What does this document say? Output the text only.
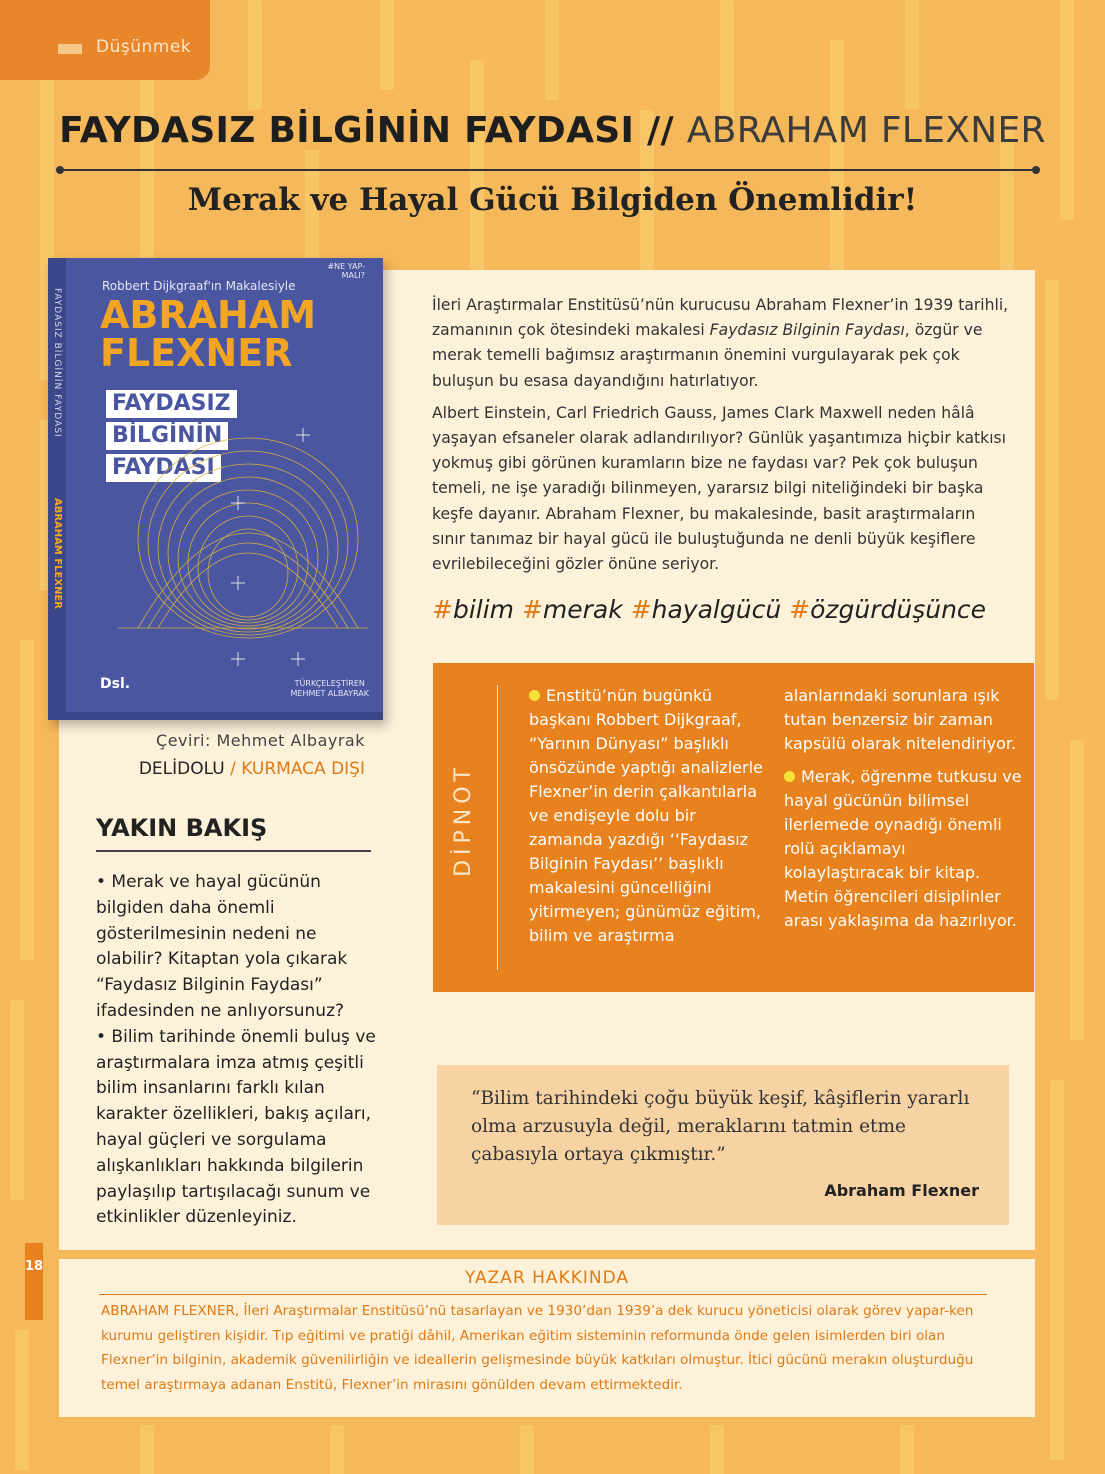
Düşünmek
FAYDASIZ BİLGİNİN FAYDASI // ABRAHAM FLEXNER
Merak ve Hayal Gücü Bilgiden Önemlidir!
FAYDASIZ BİLGİNİN FAYDASI
ABRAHAM FLEXNER
Robbert Dijkgraaf'ın Makalesiyle
#NE YAP- MALI?
ABRAHAM
FLEXNER
FAYDASIZ
BİLGİNİN
FAYDASI
Dsl.	TÜRKÇELEŞTİREN
MEHMET ALBAYRAK
Çeviri: Mehmet Albayrak
DELİDOLU / KURMACA DIŞI
YAKIN BAKIŞ

• Merak ve hayal gücünün bilgiden daha önemli gösterilmesinin nedeni ne olabilir? Kitaptan yola çıkarak “Faydasız Bilginin Faydası” ifadesinden ne anlıyorsunuz?

• Bilim tarihinde önemli buluş ve araştırmalara imza atmış çeşitli bilim insanlarını farklı kılan karakter özellikleri, bakış açıları, hayal güçleri ve sorgulama alışkanlıkları hakkında bilgilerin paylaşılıp tartışılacağı sunum ve etkinlikler düzenleyiniz.

İleri Araştırmalar Enstitüsü’nün kurucusu Abraham Flexner’in 1939 tarihli, zamanının çok ötesindeki makalesi Faydasız Bilginin Faydası, özgür ve merak temelli bağımsız araştırmanın önemini vurgulayarak pek çok buluşun bu esasa dayandığını hatırlatıyor.

Albert Einstein, Carl Friedrich Gauss, James Clark Maxwell neden hâlâ yaşayan efsaneler olarak adlandırılıyor? Günlük yaşantımıza hiçbir katkısı yokmuş gibi görünen kuramların bize ne faydası var? Pek çok buluşun temeli, ne işe yaradığı bilinmeyen, yararsız bilgi niteliğindeki bir başka keşfe dayanır. Abraham Flexner, bu makalesinde, basit araştırmaların sınır tanımaz bir hayal gücü ile buluştuğunda ne denli büyük keşiflere evrilebileceğini gözler önüne seriyor.

#bilim #merak #hayalgücü #özgürdüşünce
DİPNOT

Enstitü’nün bugünkü başkanı Robbert Dijkgraaf, “Yarının Dünyası” başlıklı önsözünde yaptığı analizlerle Flexner’in derin çalkantılarla ve endişeyle dolu bir zamanda yazdığı ‘‘Faydasız Bilginin Faydası’’ başlıklı makalesini güncelliğini yitirmeyen; günümüz eğitim, bilim ve araştırma

alanlarındaki sorunlara ışık tutan benzersiz bir zaman kapsülü olarak nitelendiriyor.

Merak, öğrenme tutkusu ve hayal gücünün bilimsel ilerlemede oynadığı önemli rolü açıklamayı kolaylaştıracak bir kitap. Metin öğrencileri disiplinler arası yaklaşıma da hazırlıyor.

“Bilim tarihindeki çoğu büyük keşif, kâşiflerin yararlı olma arzusuyla değil, meraklarını tatmin etme çabasıyla ortaya çıkmıştır.”
Abraham Flexner
18
YAZAR HAKKINDA
ABRAHAM FLEXNER, İleri Araştırmalar Enstitüsü’nü tasarlayan ve 1930’dan 1939’a dek kurucu yöneticisi olarak görev yapar-ken kurumu geliştiren kişidir. Tıp eğitimi ve pratiği dâhil, Amerikan eğitim sisteminin reformunda önde gelen isimlerden biri olan Flexner’in bilginin, akademik güvenilirliğin ve ideallerin gelişmesinde büyük katkıları olmuştur. İtici gücünü merakın oluşturduğu temel araştırmaya adanan Enstitü, Flexner’in mirasını gönülden devam ettirmektedir.
